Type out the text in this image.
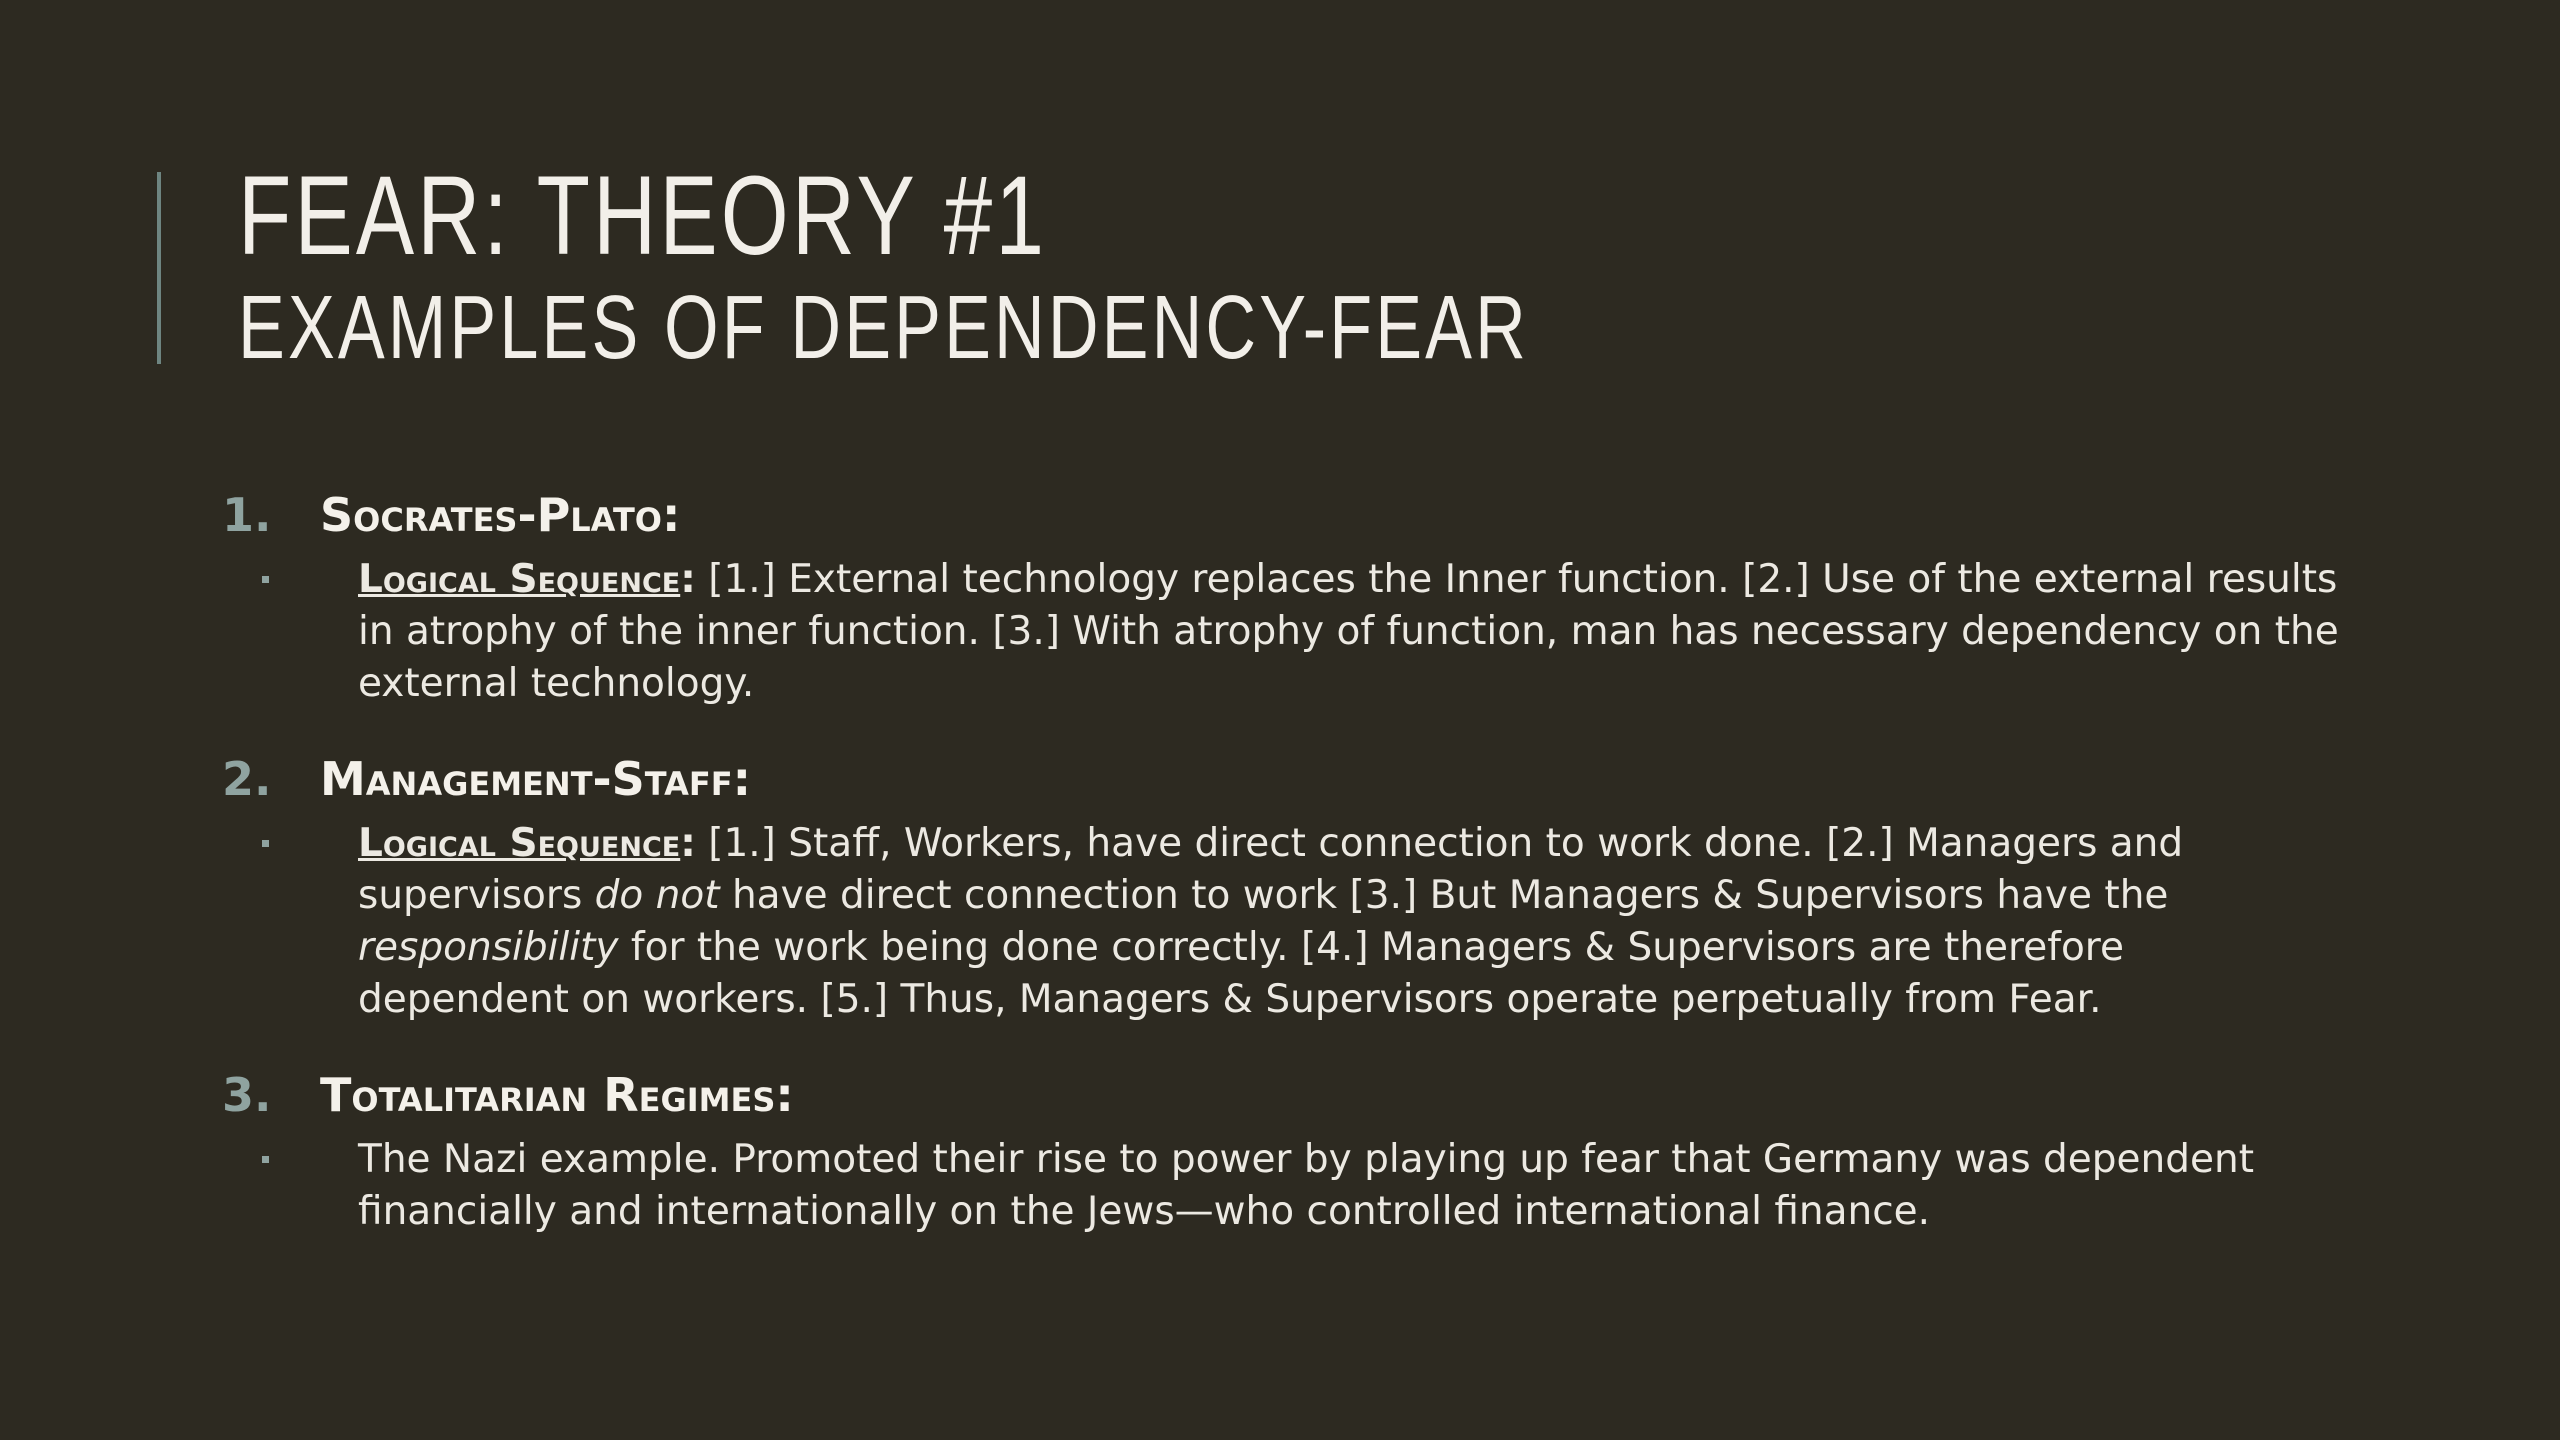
FEAR: THEORY #1
EXAMPLES OF DEPENDENCY-FEAR
1.	Socrates-Plato:
Logical Sequence: [1.] External technology replaces the Inner function. [2.] Use of the external results in atrophy of the inner function. [3.] With atrophy of function, man has necessary dependency on the external technology.
2.	Management-Staff:
Logical Sequence: [1.] Staff, Workers, have direct connection to work done. [2.] Managers and supervisors do not have direct connection to work [3.] But Managers & Supervisors have the responsibility for the work being done correctly. [4.] Managers & Supervisors are therefore dependent on workers. [5.] Thus, Managers & Supervisors operate perpetually from Fear.
3.	Totalitarian Regimes:
The Nazi example. Promoted their rise to power by playing up fear that Germany was dependent financially and internationally on the Jews—who controlled international finance.
